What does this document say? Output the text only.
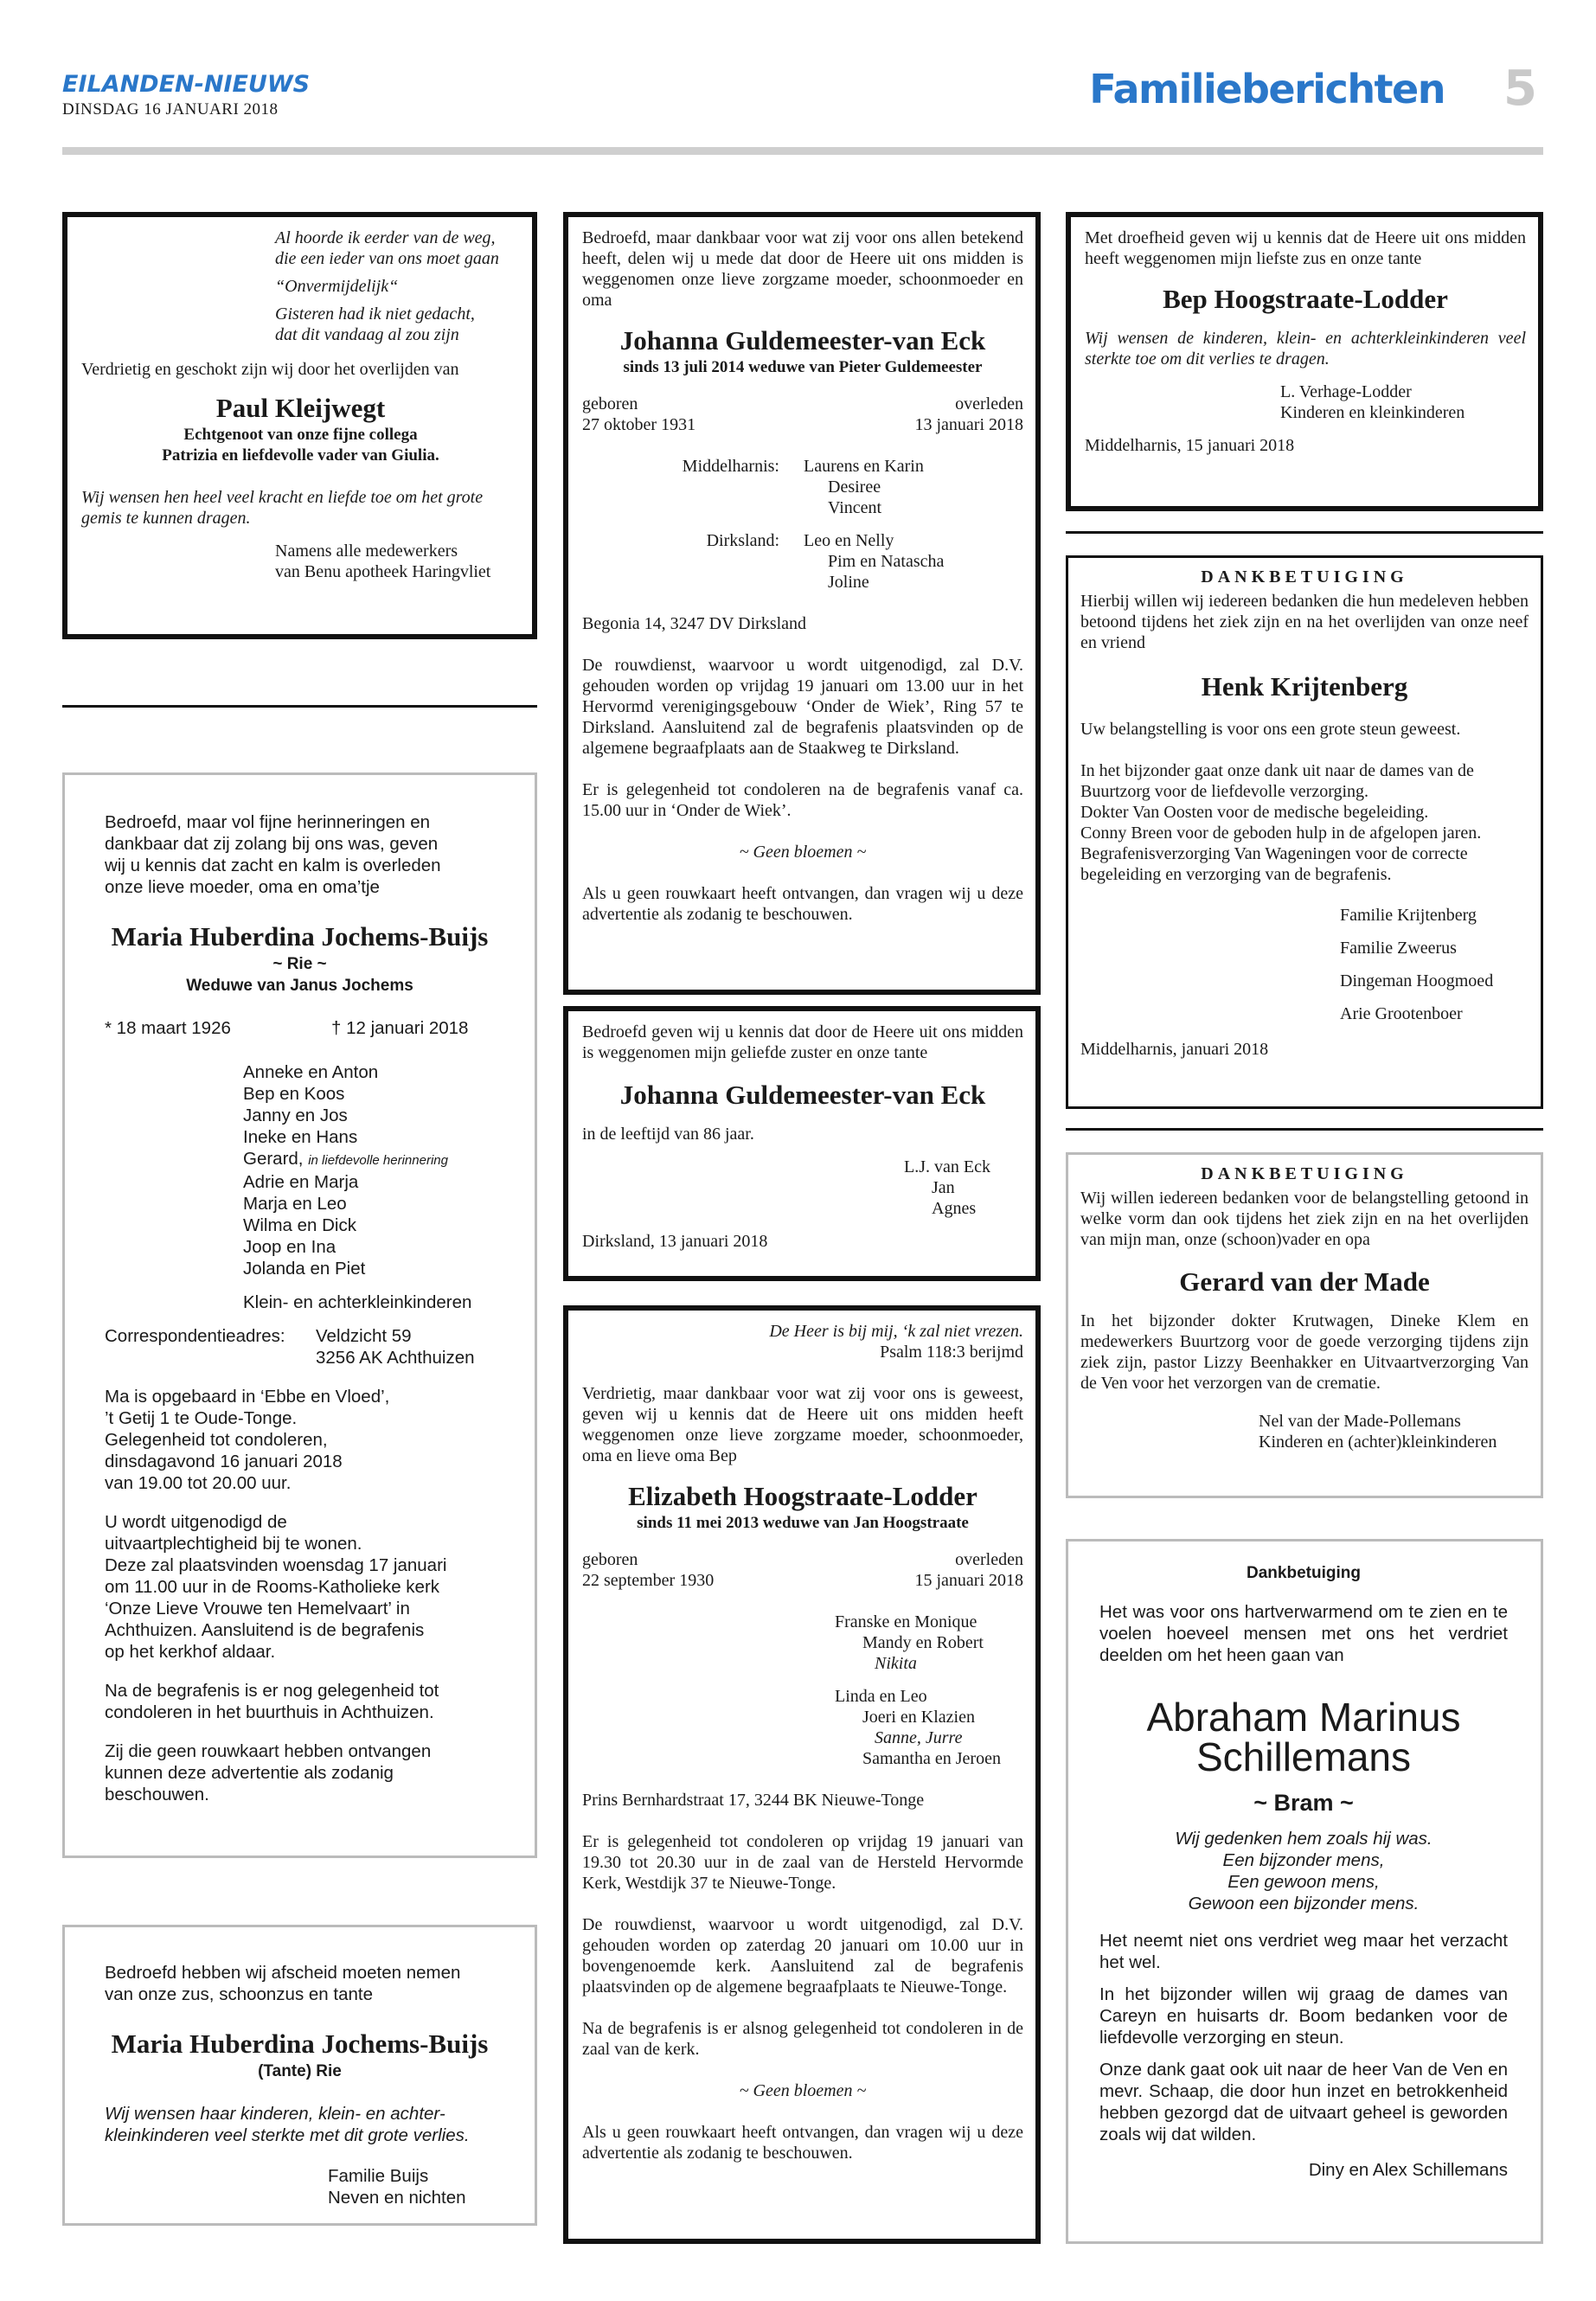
EILANDEN-NIEUWS
DINSDAG 16 JANUARI 2018	Familieberichten 5

Al hoorde ik eerder van de weg,

die een ieder van ons moet gaan

“Onvermijdelijk“

Gisteren had ik niet gedacht,

dat dit vandaag al zou zijn

Verdrietig en geschokt zijn wij door het overlijden van

Paul Kleijwegt

Echtgenoot van onze fijne collega

Patrizia en liefdevolle vader van Giulia.

Wij wensen hen heel veel kracht en liefde toe om het grote gemis te kunnen dragen.

Namens alle medewerkers

van Benu apotheek Haringvliet

Bedroefd, maar vol fijne herinneringen en

dankbaar dat zij zolang bij ons was, geven

wij u kennis dat zacht en kalm is overleden

onze lieve moeder, oma en oma’tje

Maria Huberdina Jochems-Buijs

~ Rie ~

Weduwe van Janus Jochems

* 18 maart 1926	† 12 januari 2018

Anneke en Anton

Bep en Koos

Janny en Jos

Ineke en Hans

Gerard, in liefdevolle herinnering

Adrie en Marja

Marja en Leo

Wilma en Dick

Joop en Ina

Jolanda en Piet

Klein- en achterkleinkinderen

Correspondentieadres:	Veldzicht 59

3256 AK Achthuizen

Ma is opgebaard in ‘Ebbe en Vloed’,

’t Getij 1 te Oude-Tonge.

Gelegenheid tot condoleren,

dinsdagavond 16 januari 2018

van 19.00 tot 20.00 uur.

U wordt uitgenodigd de

uitvaartplechtigheid bij te wonen.

Deze zal plaatsvinden woensdag 17 januari

om 11.00 uur in de Rooms-Katholieke kerk

‘Onze Lieve Vrouwe ten Hemelvaart’ in

Achthuizen. Aansluitend is de begrafenis

op het kerkhof aldaar.

Na de begrafenis is er nog gelegenheid tot

condoleren in het buurthuis in Achthuizen.

Zij die geen rouwkaart hebben ontvangen

kunnen deze advertentie als zodanig

beschouwen.

Bedroefd hebben wij afscheid moeten nemen

van onze zus, schoonzus en tante

Maria Huberdina Jochems-Buijs

(Tante) Rie

Wij wensen haar kinderen, klein- en achter-

kleinkinderen veel sterkte met dit grote verlies.

Familie Buijs

Neven en nichten

Bedroefd, maar dankbaar voor wat zij voor ons allen betekend heeft, delen wij u mede dat door de Heere uit ons midden is weggenomen onze lieve zorgzame moeder, schoonmoeder en oma

Johanna Guldemeester-van Eck

sinds 13 juli 2014 weduwe van Pieter Guldemeester

geboren

27 oktober 1931

overleden

13 januari 2018

Middelharnis:	Laurens en Karin

Desiree

Vincent

Dirksland:	Leo en Nelly

Pim en Natascha

Joline

Begonia 14, 3247 DV Dirksland

De rouwdienst, waarvoor u wordt uitgenodigd, zal D.V. gehouden worden op vrijdag 19 januari om 13.00 uur in het Hervormd verenigingsgebouw ‘Onder de Wiek’, Ring 57 te Dirksland. Aansluitend zal de begrafenis plaatsvinden op de algemene begraafplaats aan de Staakweg te Dirksland.

Er is gelegenheid tot condoleren na de begrafenis vanaf ca. 15.00 uur in ‘Onder de Wiek’.

~ Geen bloemen ~

Als u geen rouwkaart heeft ontvangen, dan vragen wij u deze advertentie als zodanig te beschouwen.

Bedroefd geven wij u kennis dat door de Heere uit ons midden is weggenomen mijn geliefde zuster en onze tante

Johanna Guldemeester-van Eck

in de leeftijd van 86 jaar.

L.J. van Eck

Jan

Agnes

Dirksland, 13 januari 2018

De Heer is bij mij, ‘k zal niet vrezen.

Psalm 118:3 berijmd

Verdrietig, maar dankbaar voor wat zij voor ons is geweest, geven wij u kennis dat de Heere uit ons midden heeft weggenomen onze lieve zorgzame moeder, schoonmoeder, oma en lieve oma Bep

Elizabeth Hoogstraate-Lodder

sinds 11 mei 2013 weduwe van Jan Hoogstraate

geboren

22 september 1930

overleden

15 januari 2018

Franske en Monique

Mandy en Robert

Nikita

Linda en Leo

Joeri en Klazien

Sanne, Jurre

Samantha en Jeroen

Prins Bernhardstraat 17, 3244 BK Nieuwe-Tonge

Er is gelegenheid tot condoleren op vrijdag 19 januari van 19.30 tot 20.30 uur in de zaal van de Hersteld Hervormde Kerk, Westdijk 37 te Nieuwe-Tonge.

De rouwdienst, waarvoor u wordt uitgenodigd, zal D.V. gehouden worden op zaterdag 20 januari om 10.00 uur in bovengenoemde kerk. Aansluitend zal de begrafenis plaatsvinden op de algemene begraafplaats te Nieuwe-Tonge.

Na de begrafenis is er alsnog gelegenheid tot condoleren in de zaal van de kerk.

~ Geen bloemen ~

Als u geen rouwkaart heeft ontvangen, dan vragen wij u deze advertentie als zodanig te beschouwen.

Met droefheid geven wij u kennis dat de Heere uit ons midden heeft weggenomen mijn liefste zus en onze tante

Bep Hoogstraate-Lodder

Wij wensen de kinderen, klein- en achterkleinkinderen veel sterkte toe om dit verlies te dragen.

L. Verhage-Lodder

Kinderen en kleinkinderen

Middelharnis, 15 januari 2018

DANKBETUIGING

Hierbij willen wij iedereen bedanken die hun medeleven hebben betoond tijdens het ziek zijn en na het overlijden van onze neef en vriend

Henk Krijtenberg

Uw belangstelling is voor ons een grote steun geweest.

In het bijzonder gaat onze dank uit naar de dames van de

Buurtzorg voor de liefdevolle verzorging.

Dokter Van Oosten voor de medische begeleiding.

Conny Breen voor de geboden hulp in de afgelopen jaren.

Begrafenisverzorging Van Wageningen voor de correcte

begeleiding en verzorging van de begrafenis.

Familie Krijtenberg

Familie Zweerus

Dingeman Hoogmoed

Arie Grootenboer

Middelharnis, januari 2018

DANKBETUIGING

Wij willen iedereen bedanken voor de belangstelling getoond in welke vorm dan ook tijdens het ziek zijn en na het overlijden van mijn man, onze (schoon)vader en opa

Gerard van der Made

In het bijzonder dokter Krutwagen, Dineke Klem en medewerkers Buurtzorg voor de goede verzorging tijdens zijn ziek zijn, pastor Lizzy Beenhakker en Uitvaartverzorging Van de Ven voor het verzorgen van de crematie.

Nel van der Made-Pollemans

Kinderen en (achter)kleinkinderen

Dankbetuiging

Het was voor ons hartverwarmend om te zien en te voelen hoeveel mensen met ons het verdriet deelden om het heen gaan van

Abraham Marinus

Schillemans

~ Bram ~

Wij gedenken hem zoals hij was.

Een bijzonder mens,

Een gewoon mens,

Gewoon een bijzonder mens.

Het neemt niet ons verdriet weg maar het verzacht het wel.

In het bijzonder willen wij graag de dames van Careyn en huisarts dr. Boom bedanken voor de liefdevolle verzorging en steun.

Onze dank gaat ook uit naar de heer Van de Ven en mevr. Schaap, die door hun inzet en betrokkenheid hebben gezorgd dat de uitvaart geheel is geworden zoals wij dat wilden.

Diny en Alex Schillemans
